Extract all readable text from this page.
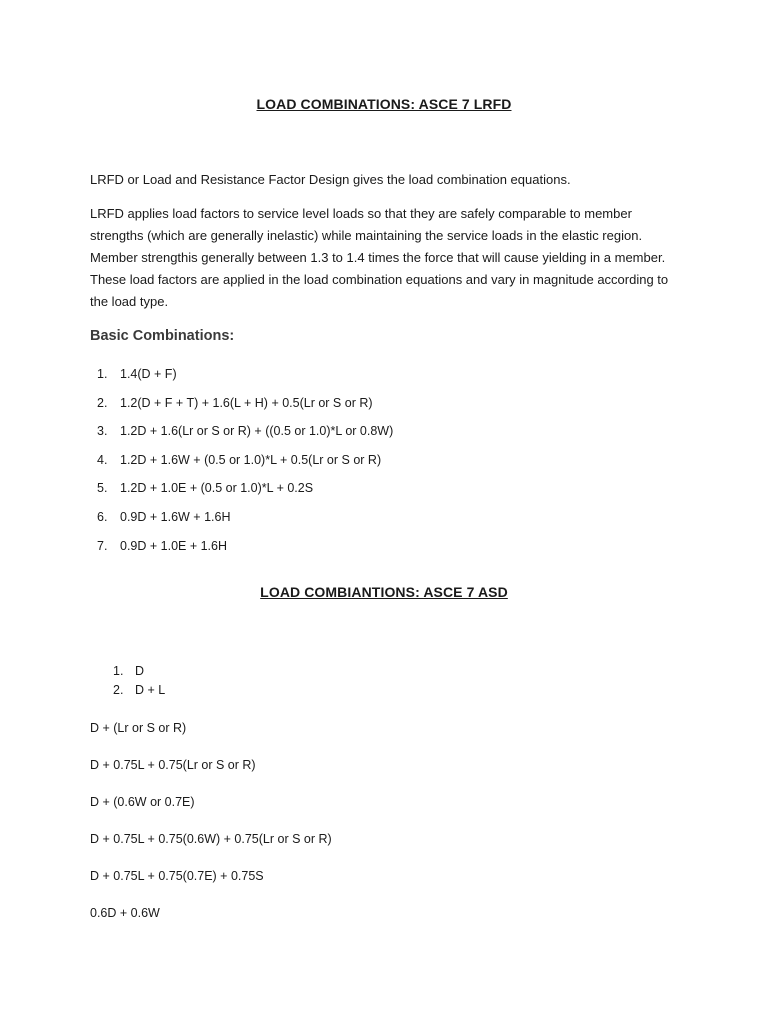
LOAD COMBINATIONS: ASCE 7 LRFD

LRFD or Load and Resistance Factor Design gives the load combination equations.

LRFD applies load factors to service level loads so that they are safely comparable to member strengths (which are generally inelastic) while maintaining the service loads in the elastic region. Member strengthis generally between 1.3 to 1.4 times the force that will cause yielding in a member. These load factors are applied in the load combination equations and vary in magnitude according to the load type.

Basic Combinations:

1.	1.4(D + F)
2.	1.2(D + F + T) + 1.6(L + H) + 0.5(Lr or S or R)
3.	1.2D + 1.6(Lr or S or R) + ((0.5 or 1.0)*L or 0.8W)
4.	1.2D + 1.6W + (0.5 or 1.0)*L + 0.5(Lr or S or R)
5.	1.2D + 1.0E + (0.5 or 1.0)*L + 0.2S
6.	0.9D + 1.6W + 1.6H
7.	0.9D + 1.0E + 1.6H
LOAD COMBIANTIONS: ASCE 7 ASD
1. D
2. D + L
D + (Lr or S or R)
D + 0.75L + 0.75(Lr or S or R)
D + (0.6W or 0.7E)
D + 0.75L + 0.75(0.6W) + 0.75(Lr or S or R)
D + 0.75L + 0.75(0.7E) + 0.75S
0.6D + 0.6W
